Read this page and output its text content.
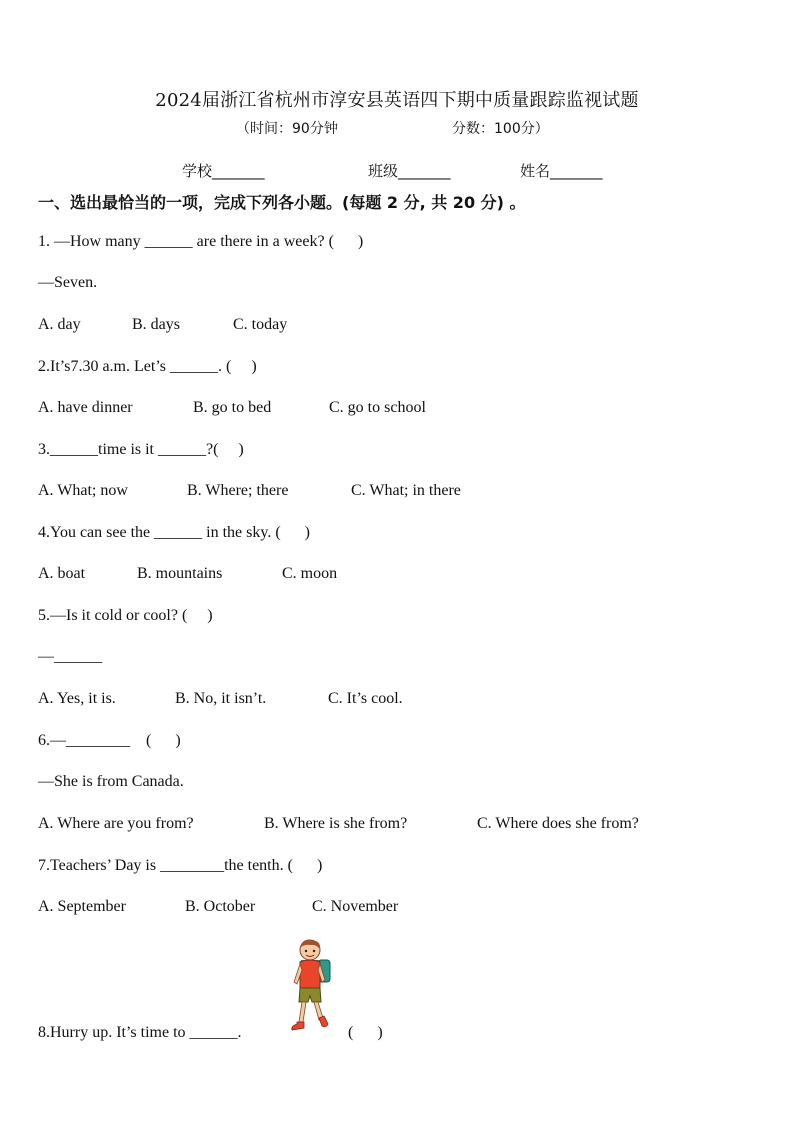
2024届浙江省杭州市淳安县英语四下期中质量跟踪监视试题
（时间：90分钟	分数：100分）
学校_______	班级_______	姓名_______
一、选出最恰当的一项，完成下列各小题。(每题 2 分, 共 20 分) 。
1. —How many ______ are there in a week? (      )
—Seven.
A. day	B. days	C. today
2.It’s7.30 a.m. Let’s ______. (     )
A. have dinner	B. go to bed	C. go to school
3.______time is it ______?(     )
A. What; now	B. Where; there	C. What; in there
4.You can see the ______ in the sky. (      )
A. boat	B. mountains	C. moon
5.—Is it cold or cool? (     )
—______
A. Yes, it is.	B. No, it isn’t.	C. It’s cool.
6.—________    (      )
—She is from Canada.
A. Where are you from?	B. Where is she from?	C. Where does she from?
7.Teachers’ Day is ________the tenth. (      )
A. September	B. October	C. November
8.Hurry up. It’s time to ______.	(      )
